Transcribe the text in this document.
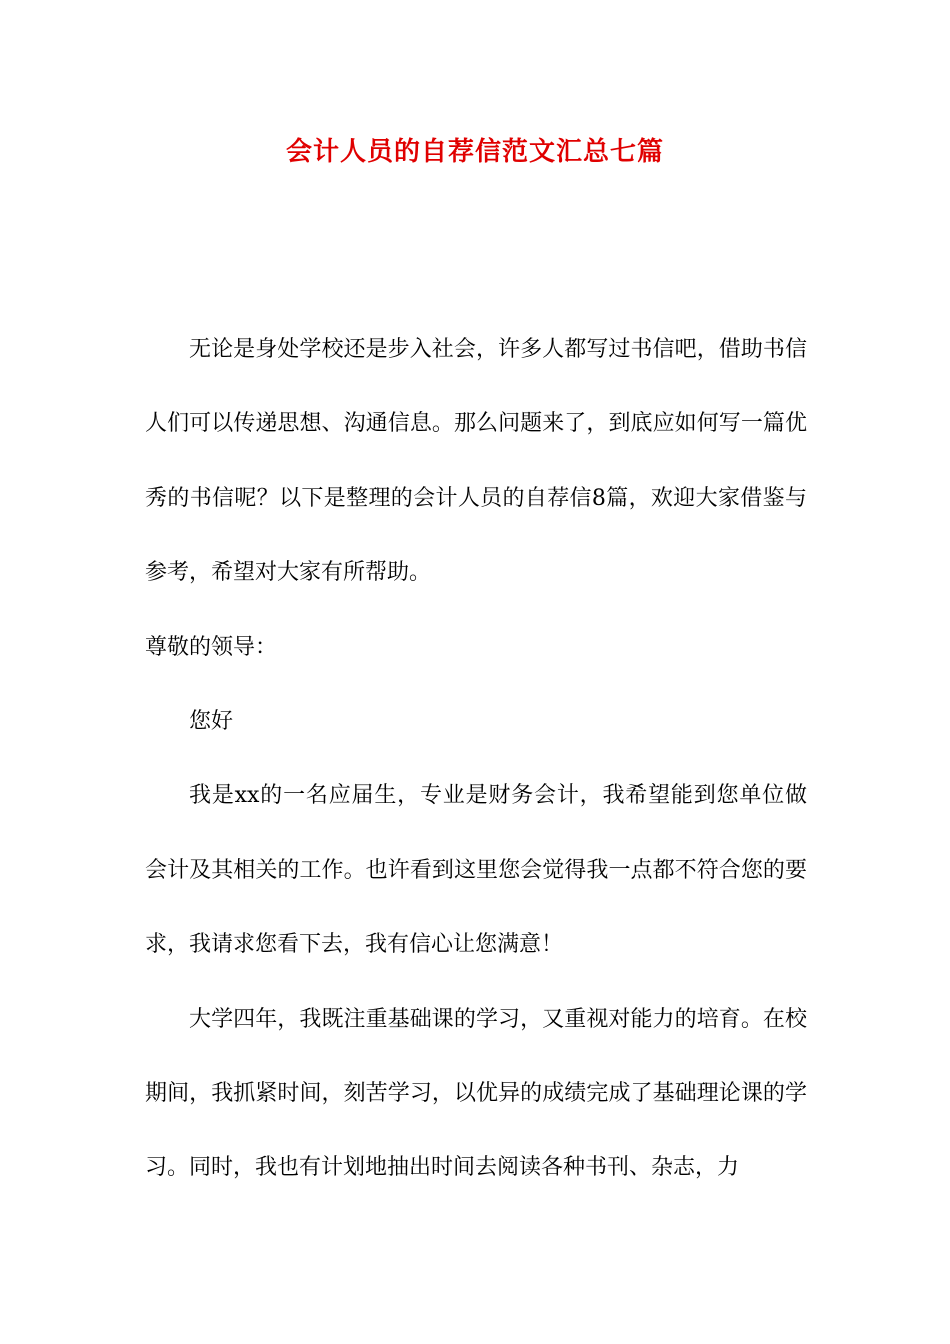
会计人员的自荐信范文汇总七篇

无论是身处学校还是步入社会，许多人都写过书信吧，借助书信人们可以传递思想、沟通信息。那么问题来了，到底应如何写一篇优秀的书信呢？以下是整理的会计人员的自荐信8篇，欢迎大家借鉴与参考，希望对大家有所帮助。

尊敬的领导：

您好

我是xx的一名应届生，专业是财务会计，我希望能到您单位做会计及其相关的工作。也许看到这里您会觉得我一点都不符合您的要求，我请求您看下去，我有信心让您满意！

大学四年，我既注重基础课的学习，又重视对能力的培育。在校期间，我抓紧时间，刻苦学习，以优异的成绩完成了基础理论课的学习。同时，我也有计划地抽出时间去阅读各种书刊、杂志，力
